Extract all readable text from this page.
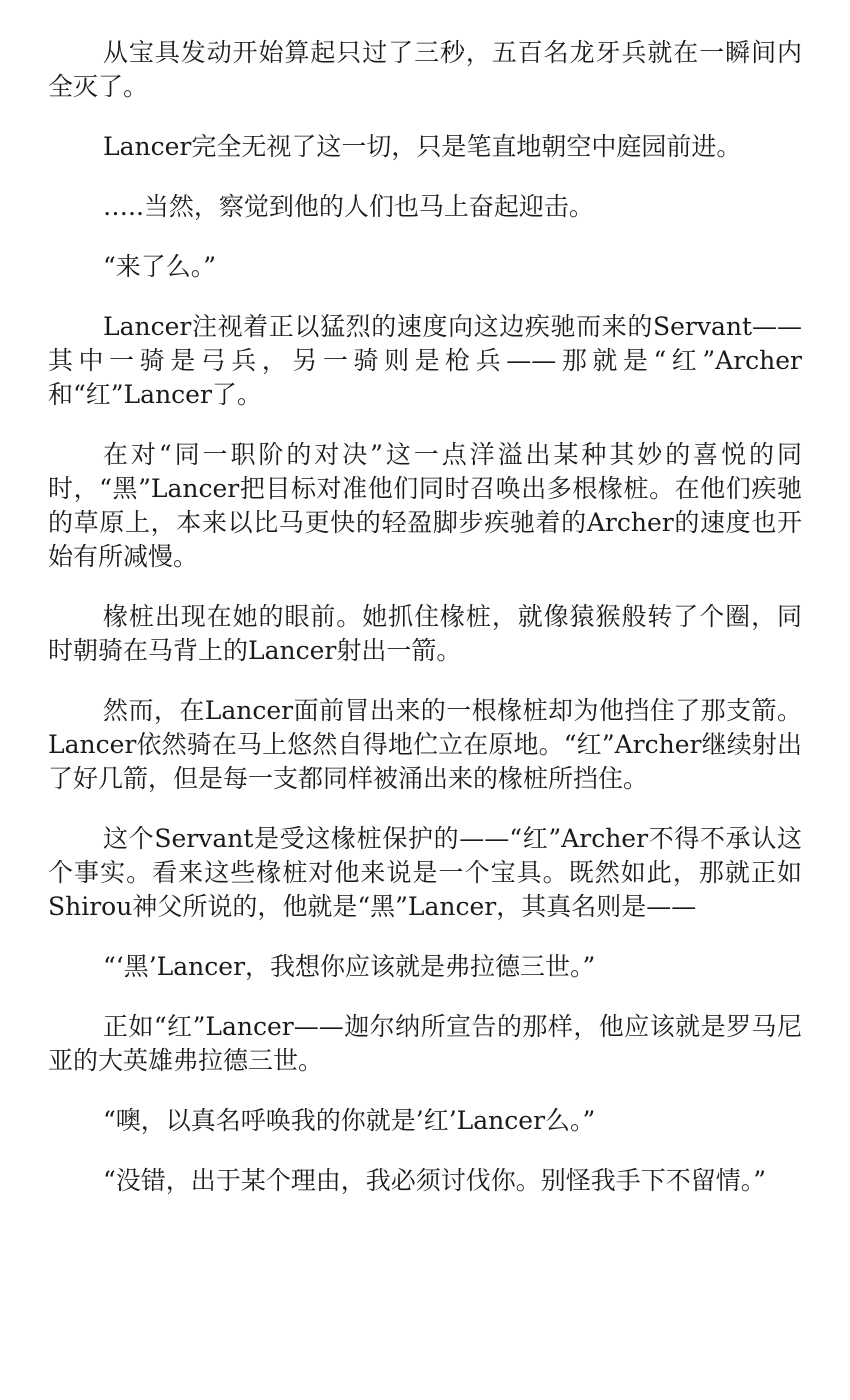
从宝具发动开始算起只过了三秒，五百名龙牙兵就在一瞬间内全灭了。

Lancer完全无视了这一切，只是笔直地朝空中庭园前进。

…..当然，察觉到他的人们也马上奋起迎击。

“来了么。”

Lancer注视着正以猛烈的速度向这边疾驰而来的Servant—— 其中一骑是弓兵，另一骑则是枪兵——那就是“红”Archer和“红”Lancer了。

在对“同一职阶的对决”这一点洋溢出某种其妙的喜悦的同时，“黑”Lancer把目标对准他们同时召唤出多根椽桩。在他们疾驰的草原上，本来以比马更快的轻盈脚步疾驰着的Archer的速度也开始有所减慢。

椽桩出现在她的眼前。她抓住椽桩，就像猿猴般转了个圈，同时朝骑在马背上的Lancer射出一箭。

然而，在Lancer面前冒出来的一根椽桩却为他挡住了那支箭。 Lancer依然骑在马上悠然自得地伫立在原地。“红”Archer继续射出了好几箭，但是每一支都同样被涌出来的椽桩所挡住。

这个Servant是受这椽桩保护的——“红”Archer不得不承认这个事实。看来这些椽桩对他来说是一个宝具。既然如此，那就正如Shirou神父所说的，他就是“黑”Lancer，其真名则是——

“‘黑’Lancer，我想你应该就是弗拉德三世。”

正如“红”Lancer——迦尔纳所宣告的那样，他应该就是罗马尼亚的大英雄弗拉德三世。

“噢，以真名呼唤我的你就是’红’Lancer么。”

“没错，出于某个理由，我必须讨伐你。别怪我手下不留情。”
